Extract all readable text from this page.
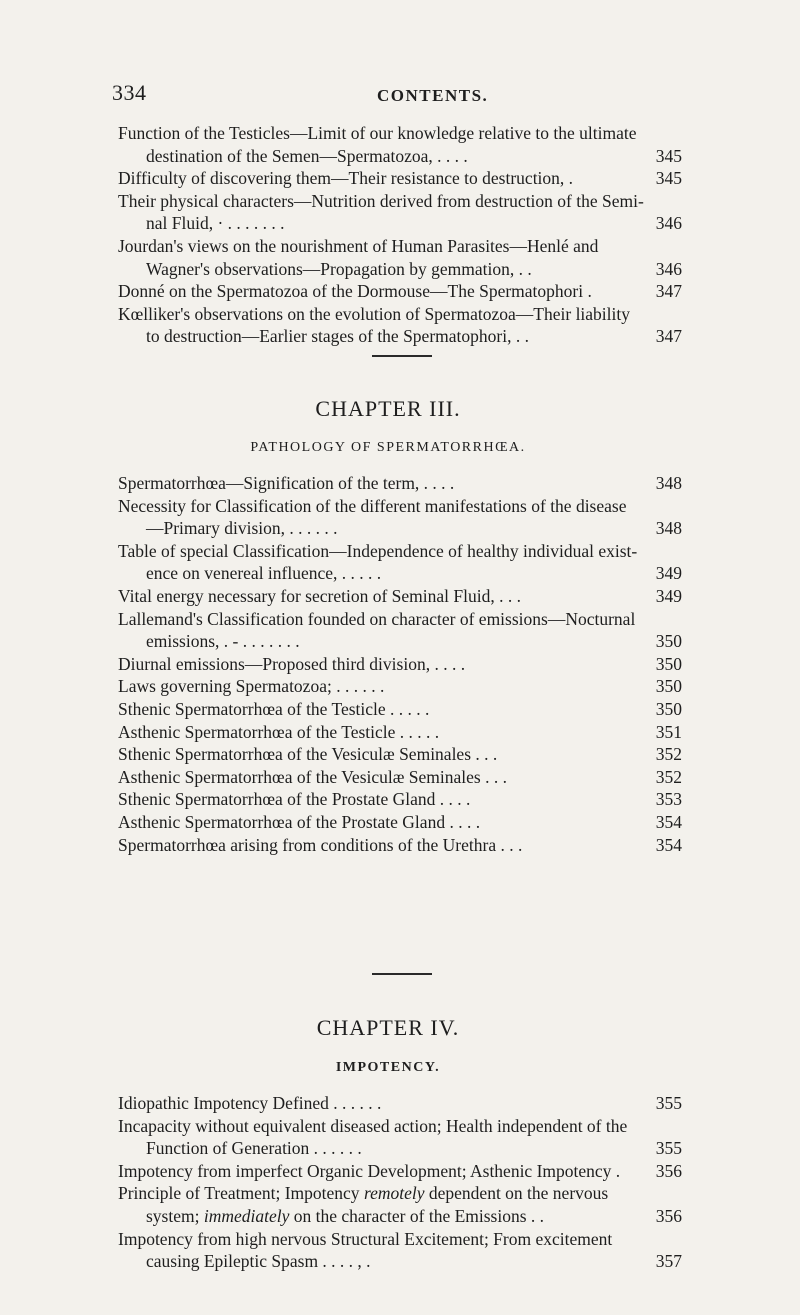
334	CONTENTS.
Function of the Testicles—Limit of our knowledge relative to the ultimate
destination of the Semen—Spermatozoa, . . . .	345
Difficulty of discovering them—Their resistance to destruction, .	345
Their physical characters—Nutrition derived from destruction of the Semi-
nal Fluid, · . . . . . . .	346
Jourdan's views on the nourishment of Human Parasites—Henlé and
Wagner's observations—Propagation by gemmation, . .	346
Donné on the Spermatozoa of the Dormouse—The Spermatophori .	347
Kœlliker's observations on the evolution of Spermatozoa—Their liability
to destruction—Earlier stages of the Spermatophori, . .	347
CHAPTER III.
PATHOLOGY OF SPERMATORRHŒA.
Spermatorrhœa—Signification of the term, . . . .	348
Necessity for Classification of the different manifestations of the disease
—Primary division, . . . . . .	348
Table of special Classification—Independence of healthy individual exist-
ence on venereal influence, . . . . .	349
Vital energy necessary for secretion of Seminal Fluid, . . .	349
Lallemand's Classification founded on character of emissions—Nocturnal
emissions, . - . . . . . . .	350
Diurnal emissions—Proposed third division, . . . .	350
Laws governing Spermatozoa; . . . . . .	350
Sthenic Spermatorrhœa of the Testicle . . . . .	350
Asthenic Spermatorrhœa of the Testicle . . . . .	351
Sthenic Spermatorrhœa of the Vesiculæ Seminales . . .	352
Asthenic Spermatorrhœa of the Vesiculæ Seminales . . .	352
Sthenic Spermatorrhœa of the Prostate Gland . . . .	353
Asthenic Spermatorrhœa of the Prostate Gland . . . .	354
Spermatorrhœa arising from conditions of the Urethra . . .	354
CHAPTER IV.
IMPOTENCY.
Idiopathic Impotency Defined . . . . . .	355
Incapacity without equivalent diseased action; Health independent of the
Function of Generation . . . . . .	355
Impotency from imperfect Organic Development; Asthenic Impotency . 356
Principle of Treatment; Impotency remotely dependent on the nervous
system; immediately on the character of the Emissions . .	356
Impotency from high nervous Structural Excitement; From excitement
causing Epileptic Spasm . . . . , .	357
